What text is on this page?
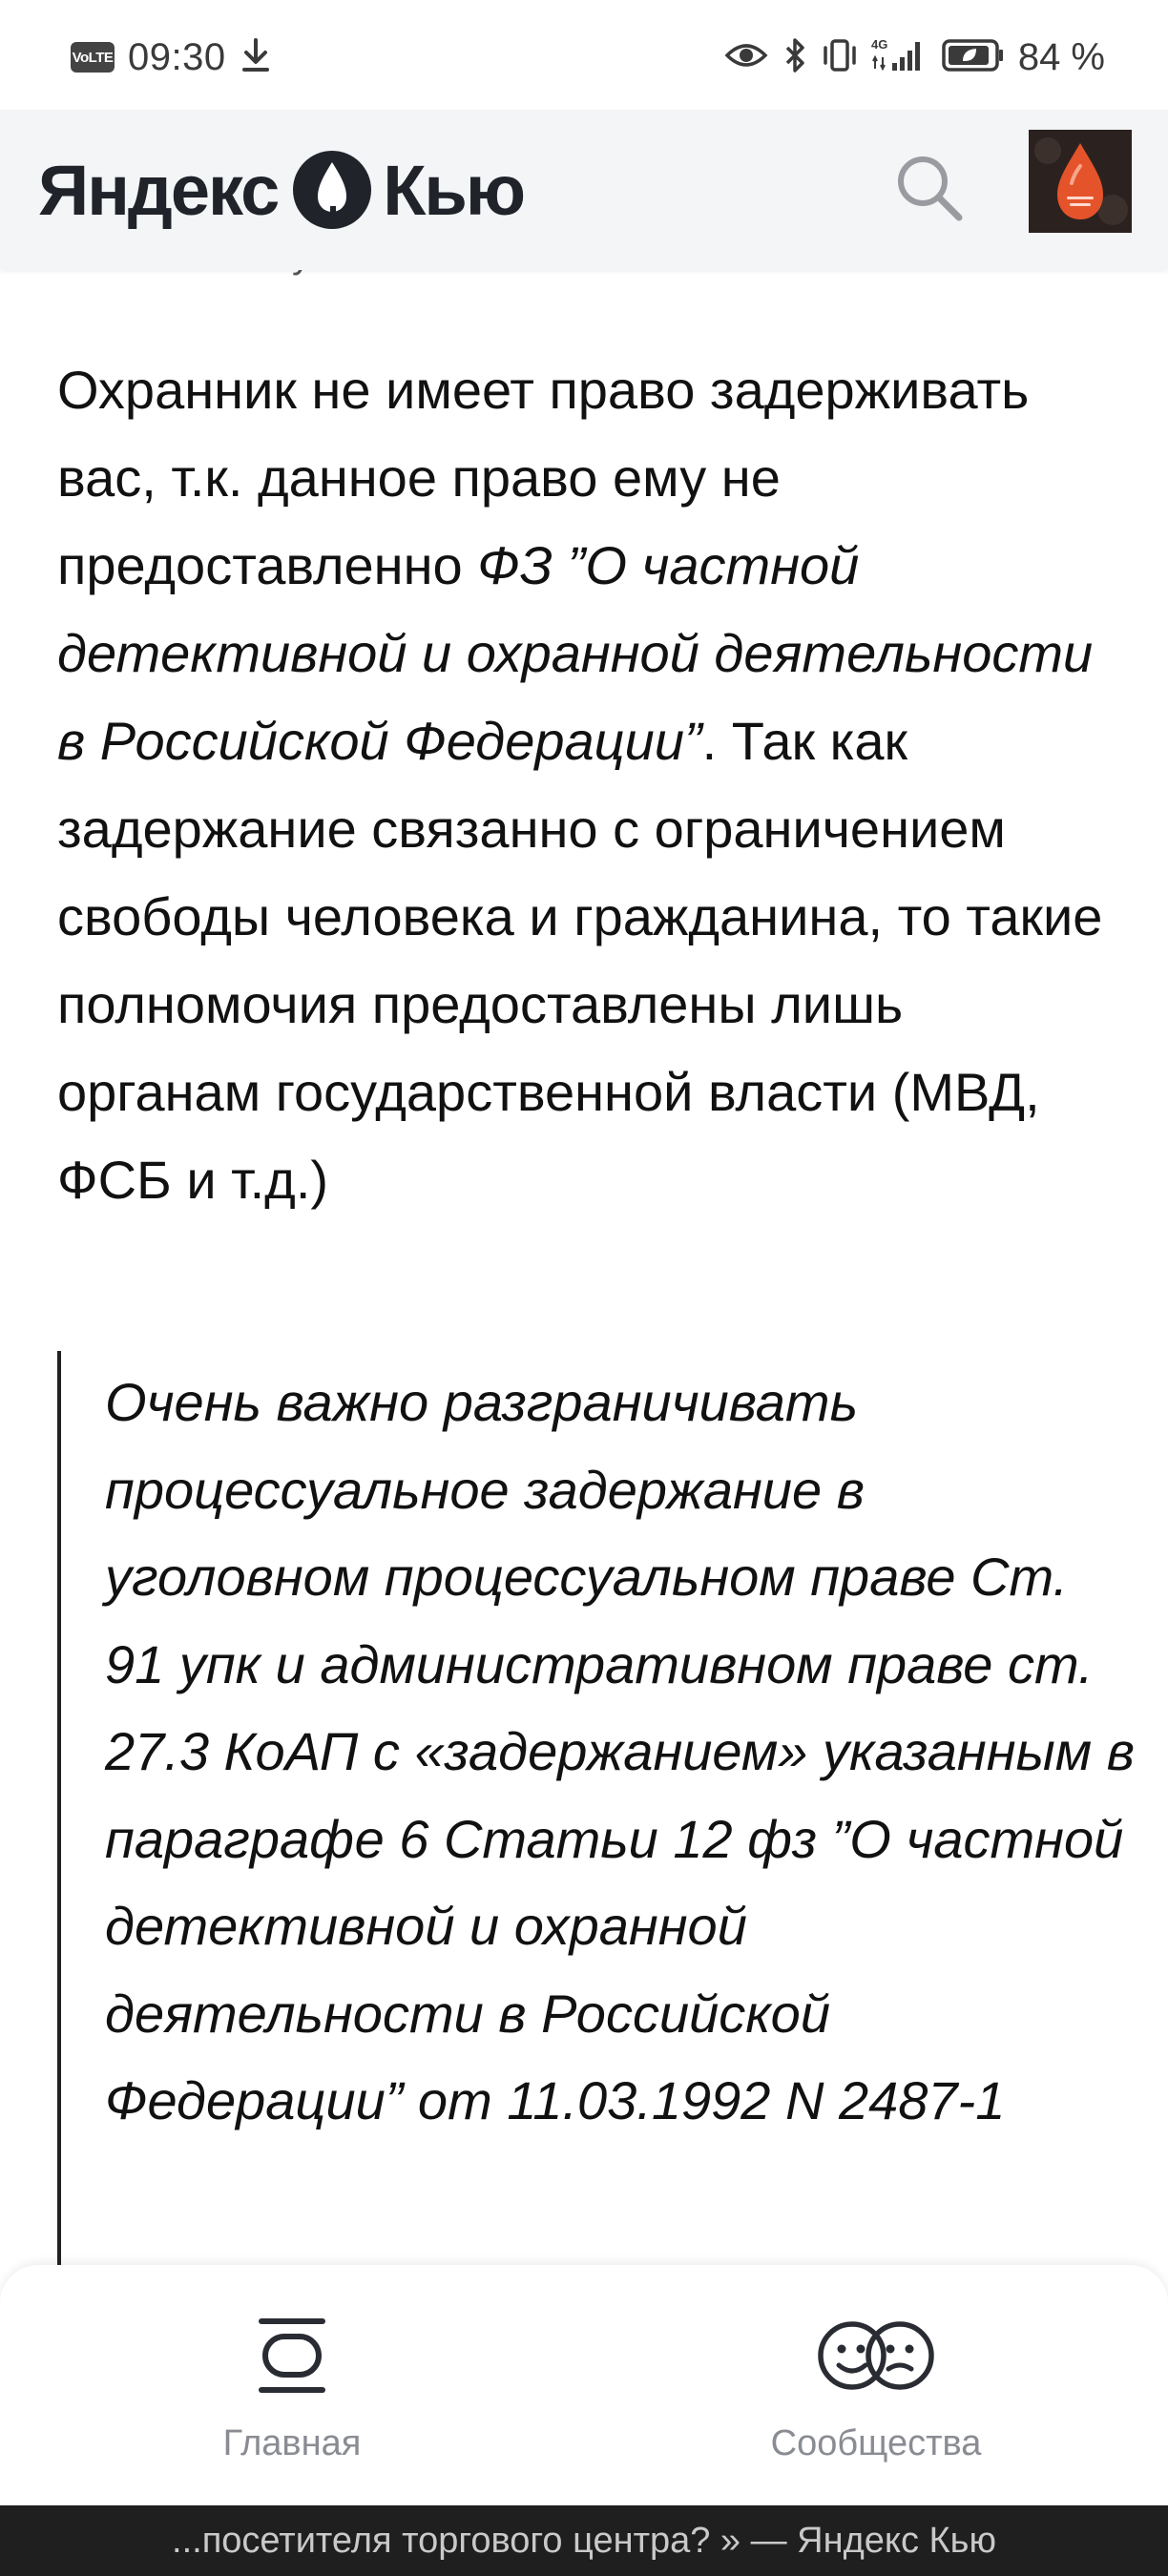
VoLTE 09:30	4G	84 %
Яндекс Кью

Охранник не имеет право задерживать вас, т.к. данное право ему не предоставленно ФЗ ”О частной детективной и охранной деятельности в Российской Федерации”. Так как задержание связанно с ограничением свободы человека и гражданина, то такие полномочия предоставлены лишь органам государственной власти (МВД, ФСБ и т.д.)

Очень важно разграничивать процессуальное задержание в уголовном процессуальном праве Ст. 91 упк и административном праве ст. 27.3 КоАП с «задержанием» указанным в параграфе 6 Статьи 12 фз ”О частной детективной и охранной деятельности в Российской Федерации” от 11.03.1992 N 2487-1

Главная	Сообщества
...посетителя торгового центра? » — Яндекс Кью
